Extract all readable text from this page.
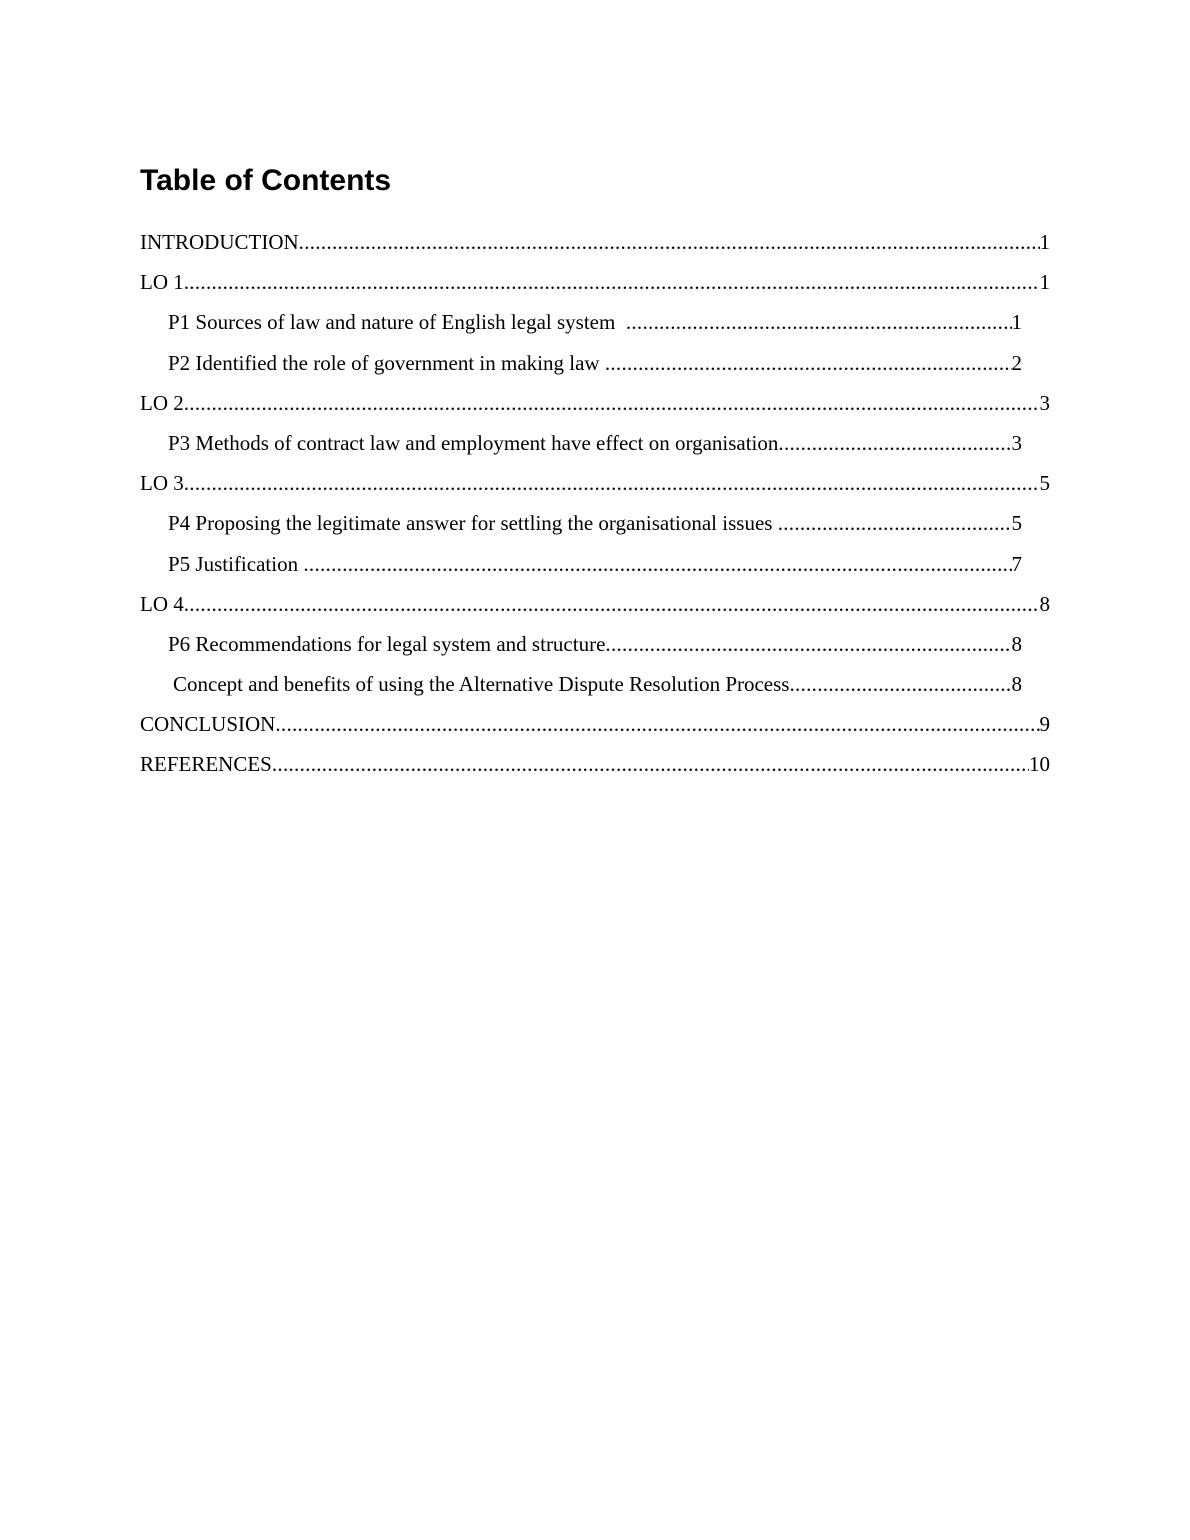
Table of Contents
INTRODUCTION .....	1
LO 1 .....	1
P1 Sources of law and nature of English legal system .....	1
P2 Identified the role of government in making law .....	2
LO 2 .....	3
P3 Methods of contract law and employment have effect on organisation .....	3
LO 3 .....	5
P4 Proposing the legitimate answer for settling the organisational issues .....	5
P5 Justification .....	7
LO 4 .....	8
P6 Recommendations for legal system and structure .....	8
Concept and benefits of using the Alternative Dispute Resolution Process .....	8
CONCLUSION .....	9
REFERENCES .....	10
